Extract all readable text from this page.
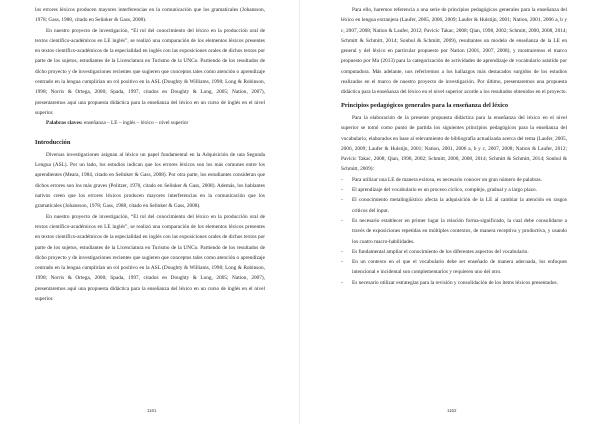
los errores léxicos producen mayores interferencias en la comunicación que los gramaticales (Johansson, 1978; Gass, 1988, citado en Selinker & Gass, 2008).

En nuestro proyecto de investigación, “El rol del conocimiento del léxico en la producción oral de textos científico-académicos en LE inglés”, se realizó una comparación de los elementos léxicos presentes en textos científico-académicos de la especialidad en inglés con las exposiciones orales de dichos textos por parte de los sujetos, estudiantes de la Licenciatura en Turismo de la UNCo. Partiendo de los resultados de dicho proyecto y de investigaciones recientes que sugieren que conceptos tales como atención o aprendizaje centrado en la lengua cumplirían un rol positivo en la ASL (Doughty & Williams, 1998; Long & Robinson, 1998; Norris & Ortega, 2000; Spada, 1997, citados en Doughty & Long, 2005; Nation, 2007), presentaremos aquí una propuesta didáctica para la enseñanza del léxico en un curso de inglés en el nivel superior.

Palabras claves: enseñanza – LE – inglés – léxico – nivel superior

Introducción

Diversas investigaciones asignan al léxico un papel fundamental en la Adquisición de una Segunda Lengua (ASL). Por un lado, los estudios indican que los errores léxicos son los más comunes entre los aprendientes (Meara, 1984, citado en Selinker & Gass, 2008). Por otra parte, los estudiantes consideran que dichos errores son los más graves (Politzer, 1978, citado en Selinker & Gass, 2008). Además, los hablantes nativos creen que los errores léxicos producen mayores interferencias en la comunicación que los gramaticales (Johansson, 1978; Gass, 1988, citado en Selinker & Gass, 2008).

En nuestro proyecto de investigación, “El rol del conocimiento del léxico en la producción oral de textos científico-académicos en LE inglés”, se realizó una comparación de los elementos léxicos presentes en textos científico-académicos de la especialidad en inglés con las exposiciones orales de dichos textos por parte de los sujetos, estudiantes de la Licenciatura en Turismo de la UNCo. Partiendo de los resultados de dicho proyecto y de investigaciones recientes que sugieren que conceptos tales como atención o aprendizaje centrado en la lengua cumplirían un rol positivo en la ASL (Doughty & Williams, 1998; Long & Robinson, 1998; Norris & Ortega, 2000; Spada, 1997, citados en Doughty & Long, 2005; Nation, 2007), presentaremos aquí una propuesta didáctica para la enseñanza del léxico en un curso de inglés en el nivel superior.

1161

Para ello, haremos referencia a una serie de principios pedagógicos generales para la enseñanza del léxico en lengua extranjera (Laufer, 2005, 2006, 2009; Laufer & Hulstijn, 2001; Nation, 2001, 2006 a, b y c, 2007, 2008; Nation & Laufer, 2012; Pavicic Takac, 2008; Qian, 1998, 2002; Schmitt, 2000, 2008, 2014; Schmitt & Schmitt, 2014; Sonbul & Schmitt, 2009), resultantes un modelo de enseñanza de la LE en general y del léxico en particular propuesto por Nation (2001, 2007, 2008), y mostraremos el marco propuesto por Ma (2013) para la categorización de actividades de aprendizaje de vocabulario asistido por computadora. Más adelante, nos referiremos a los hallazgos más destacados surgidos de los estudios realizados en el marco de nuestro proyecto de investigación. Por último, presentaremos una propuesta didáctica para la enseñanza del léxico en el nivel superior acorde a los resultados obtenidos en el proyecto.

Principios pedagógicos generales para la enseñanza del léxico

Para la elaboración de la presente propuesta didáctica para la enseñanza del léxico en el nivel superior se tomó como punto de partida los siguientes principios pedagógicos para la enseñanza del vocabulario, elaborados en base al relevamiento de bibliografía actualizada acerca del tema (Laufer, 2005, 2006, 2009; Laufer & Hulstijn, 2001; Nation, 2001, 2006 a, b y c, 2007, 2008; Nation & Laufer, 2012; Pavicic Takac, 2008; Qian, 1998, 2002; Schmitt, 2000, 2008, 2014; Schmitt & Schmitt, 2014; Sonbul & Schmitt, 2009):

- Para utilizar una LE de manera exitosa, es necesario conocer un gran número de palabras.
- El aprendizaje del vocabulario es un proceso cíclico, complejo, gradual y a largo plazo.
- El conocimiento metalingüístico afecta la adquisición de la LE al cambiar la atención en rasgos críticos del input.
- Es necesario establecer en primer lugar la relación forma-significado, la cual debe consolidarse a través de exposiciones repetidas en múltiples contextos, de manera receptiva y productiva, y usando los cuatro macro-habilidades.
- Es fundamental ampliar el conocimiento de los diferentes aspectos del vocabulario.
- En un contexto en el que el vocabulario debe ser enseñado de manera adecuada, los enfoques intencional e incidental son complementarios y requieren uno del otro.
- Es necesario utilizar estrategias para la revisión y consolidación de los ítems léxicos presentados.
1162
